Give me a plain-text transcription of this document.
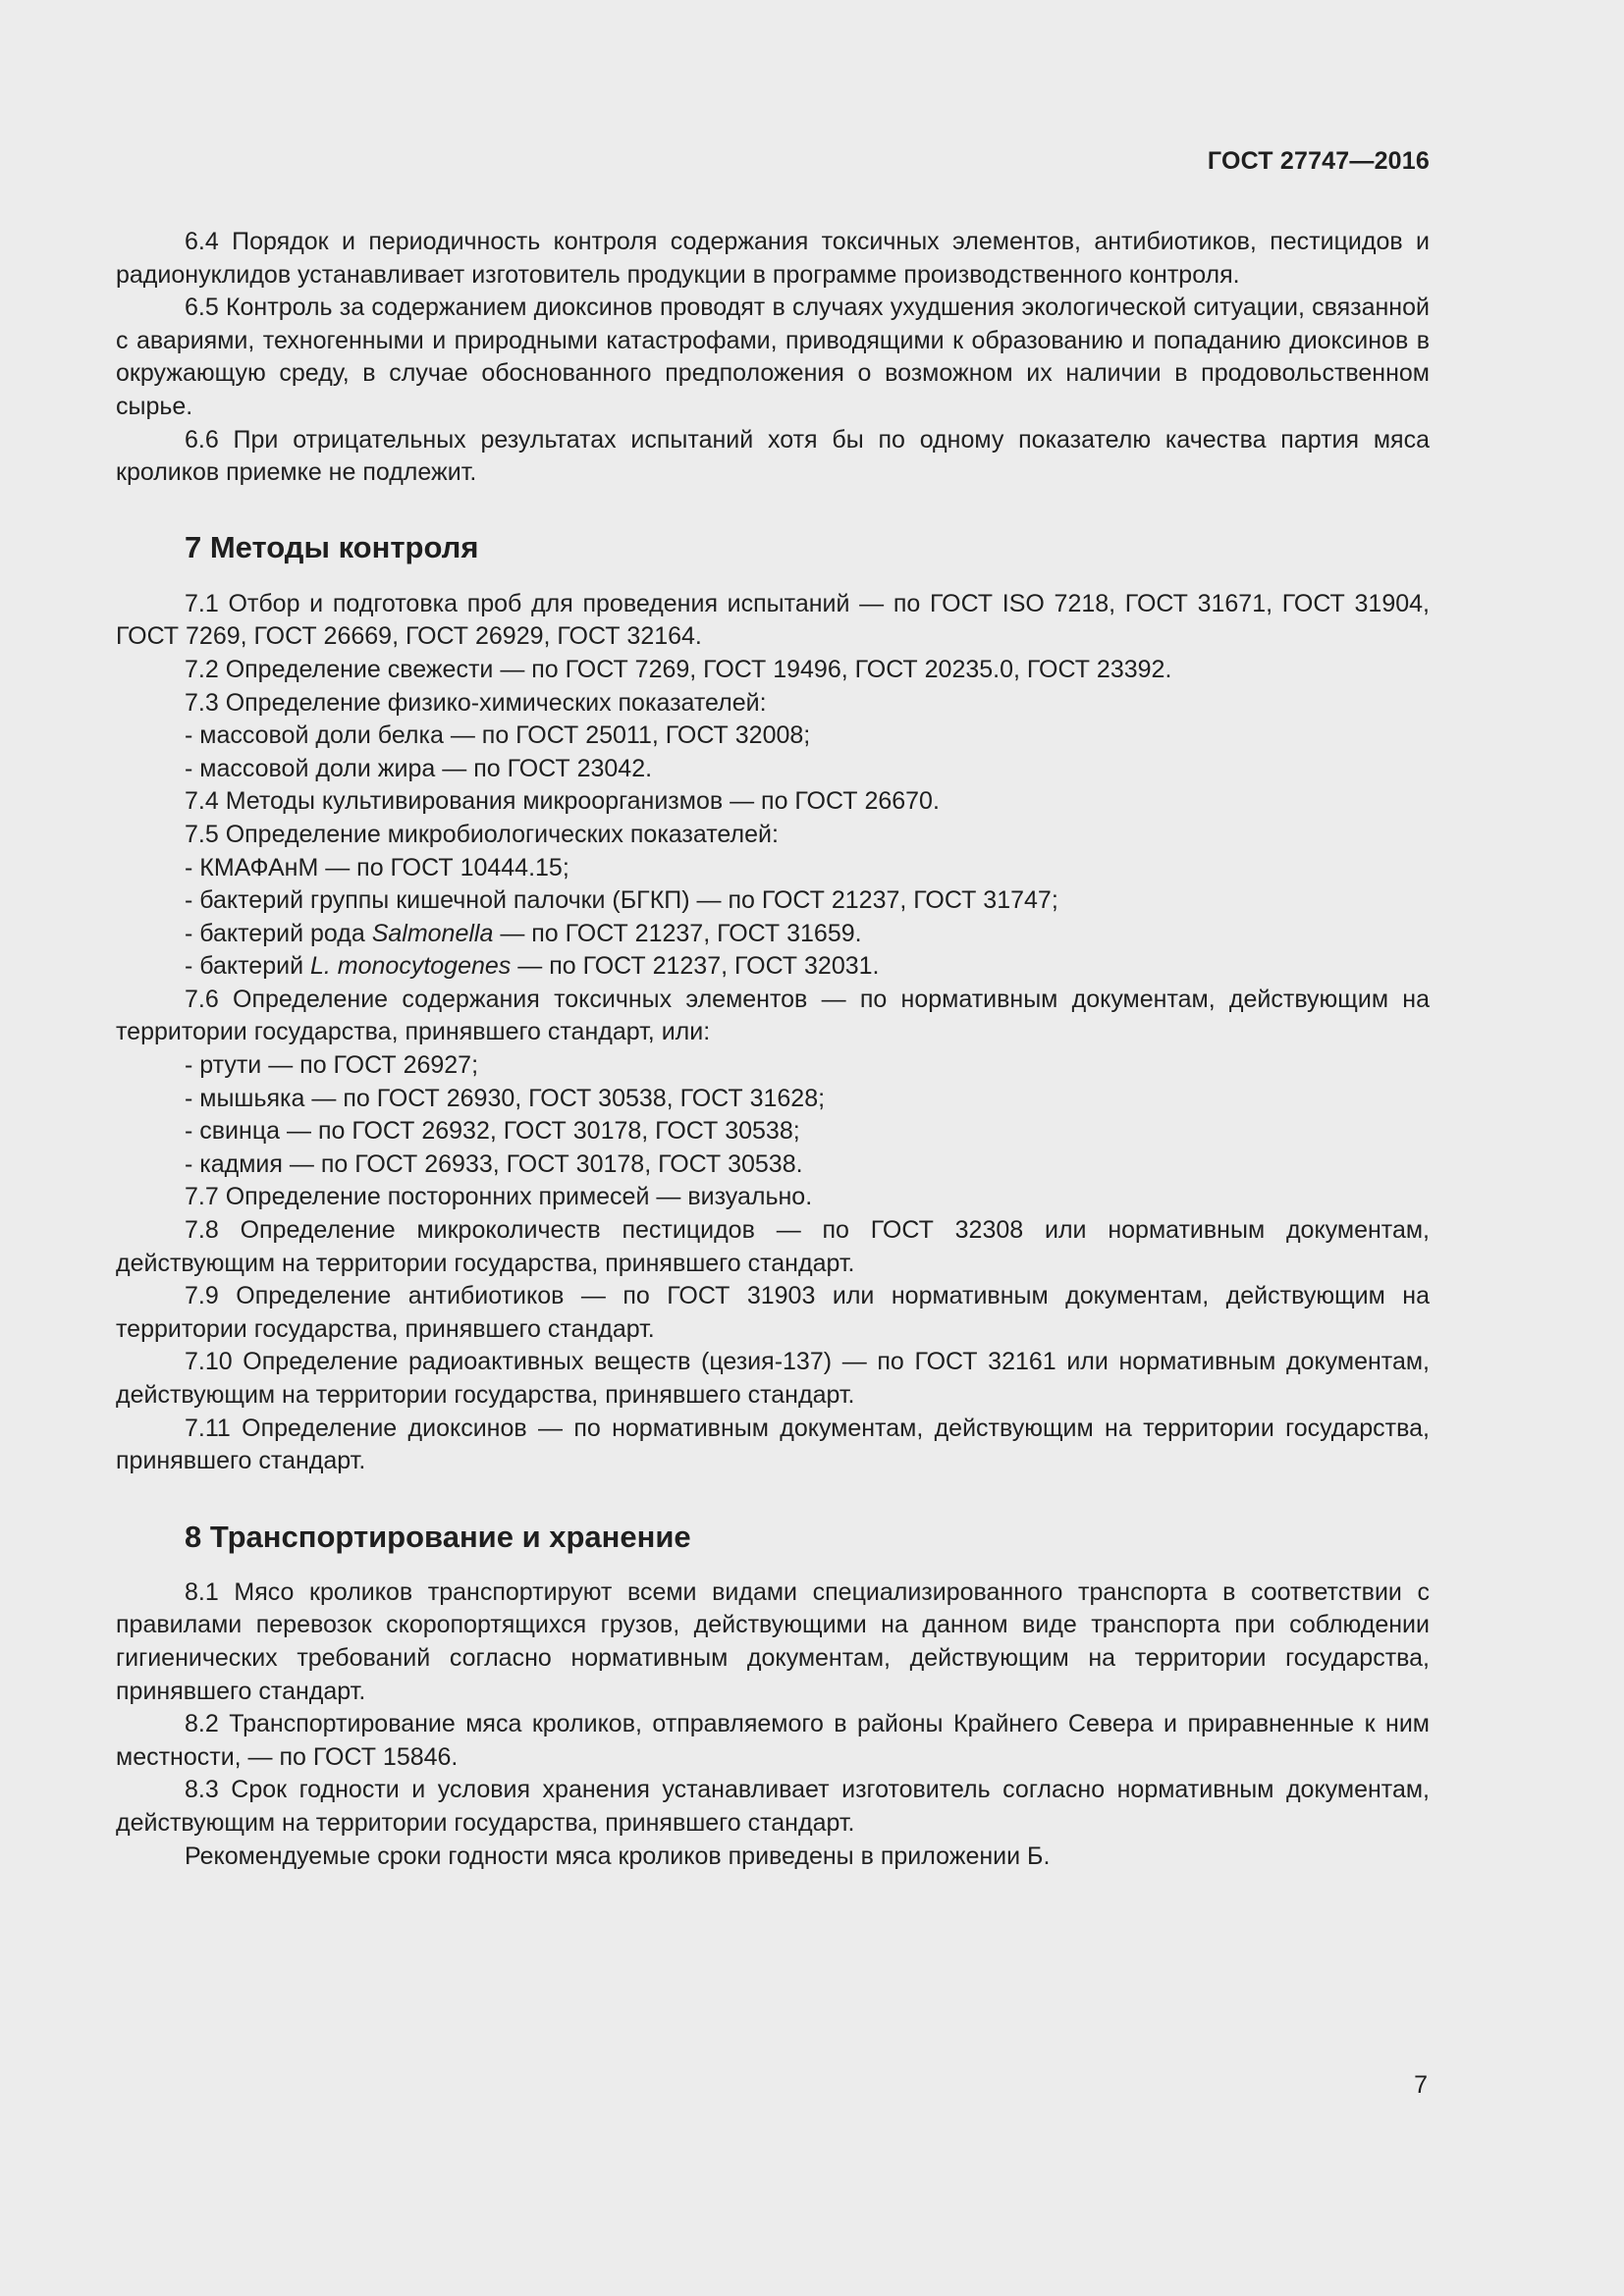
ГОСТ 27747—2016

6.4 Порядок и периодичность контроля содержания токсичных элементов, антибиотиков, пестицидов и радионуклидов устанавливает изготовитель продукции в программе производственного контроля.

6.5 Контроль за содержанием диоксинов проводят в случаях ухудшения экологической ситуации, связанной с авариями, техногенными и природными катастрофами, приводящими к образованию и попаданию диоксинов в окружающую среду, в случае обоснованного предположения о возможном их наличии в продовольственном сырье.

6.6 При отрицательных результатах испытаний хотя бы по одному показателю качества партия мяса кроликов приемке не подлежит.

7 Методы контроля

7.1 Отбор и подготовка проб для проведения испытаний — по ГОСТ ISO 7218, ГОСТ 31671, ГОСТ 31904, ГОСТ 7269, ГОСТ 26669, ГОСТ 26929, ГОСТ 32164.

7.2 Определение свежести — по ГОСТ 7269, ГОСТ 19496, ГОСТ 20235.0, ГОСТ 23392.

7.3 Определение физико-химических показателей:

- массовой доли белка — по ГОСТ 25011, ГОСТ 32008;

- массовой доли жира — по ГОСТ 23042.

7.4 Методы культивирования микроорганизмов — по ГОСТ 26670.

7.5 Определение микробиологических показателей:

- КМАФАнМ — по ГОСТ 10444.15;

- бактерий группы кишечной палочки (БГКП) — по ГОСТ 21237, ГОСТ 31747;

- бактерий рода Salmonella — по ГОСТ 21237, ГОСТ 31659.

- бактерий L. monocytogenes — по ГОСТ 21237, ГОСТ 32031.

7.6 Определение содержания токсичных элементов — по нормативным документам, действующим на территории государства, принявшего стандарт, или:

- ртути — по ГОСТ 26927;

- мышьяка — по ГОСТ 26930, ГОСТ 30538, ГОСТ 31628;

- свинца — по ГОСТ 26932, ГОСТ 30178, ГОСТ 30538;

- кадмия — по ГОСТ 26933, ГОСТ 30178, ГОСТ 30538.

7.7 Определение посторонних примесей — визуально.

7.8 Определение микроколичеств пестицидов — по ГОСТ 32308 или нормативным документам, действующим на территории государства, принявшего стандарт.

7.9 Определение антибиотиков — по ГОСТ 31903 или нормативным документам, действующим на территории государства, принявшего стандарт.

7.10 Определение радиоактивных веществ (цезия-137) — по ГОСТ 32161 или нормативным документам, действующим на территории государства, принявшего стандарт.

7.11 Определение диоксинов — по нормативным документам, действующим на территории государства, принявшего стандарт.

8 Транспортирование и хранение

8.1 Мясо кроликов транспортируют всеми видами специализированного транспорта в соответствии с правилами перевозок скоропортящихся грузов, действующими на данном виде транспорта при соблюдении гигиенических требований согласно нормативным документам, действующим на территории государства, принявшего стандарт.

8.2 Транспортирование мяса кроликов, отправляемого в районы Крайнего Севера и приравненные к ним местности, — по ГОСТ 15846.

8.3 Срок годности и условия хранения устанавливает изготовитель согласно нормативным документам, действующим на территории государства, принявшего стандарт.

Рекомендуемые сроки годности мяса кроликов приведены в приложении Б.

7
